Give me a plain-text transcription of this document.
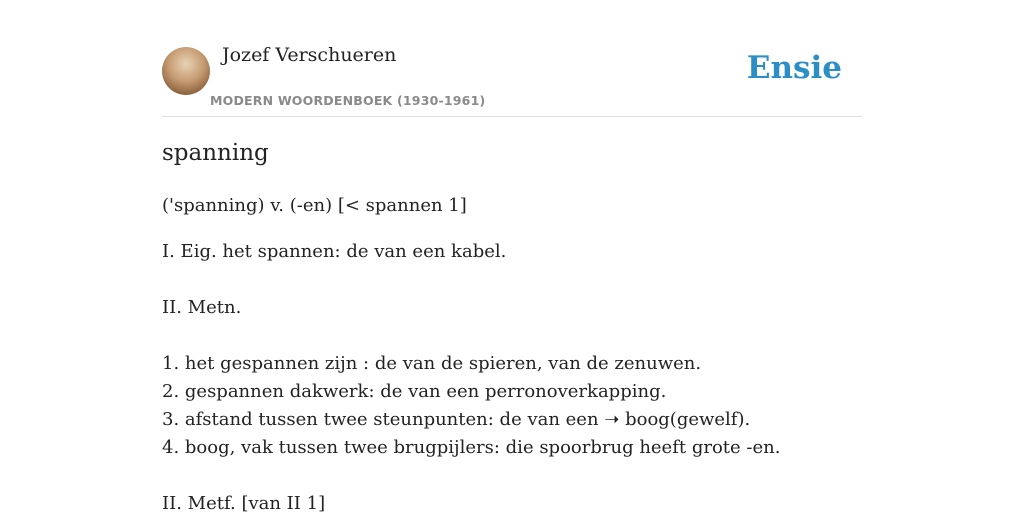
Jozef Verschueren
MODERN WOORDENBOEK (1930-1961)
Ensie
spanning
('spanning) v. (-en) [< spannen 1]
I. Eig. het spannen: de van een kabel.
II. Metn.
1. het gespannen zijn : de van de spieren, van de zenuwen.
2. gespannen dakwerk: de van een perronoverkapping.
3. afstand tussen twee steunpunten: de van een ➝ boog(gewelf).
4. boog, vak tussen twee brugpijlers: die spoorbrug heeft grote -en.
II. Metf. [van II 1]
